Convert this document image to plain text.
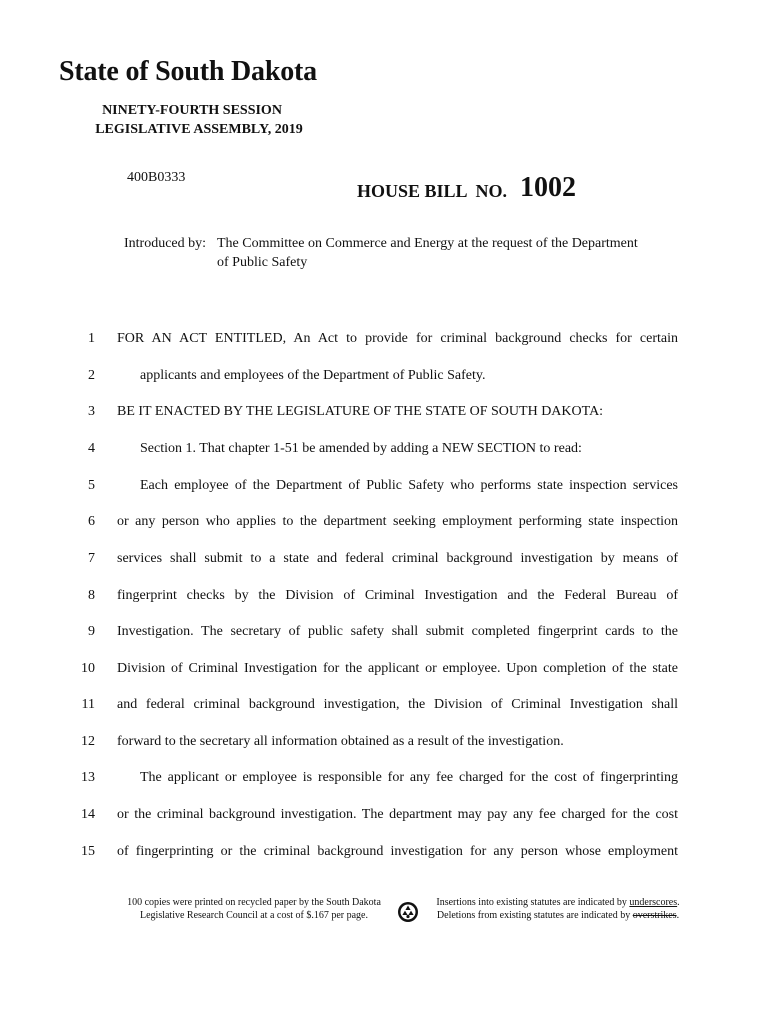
State of South Dakota
NINETY-FOURTH SESSION
LEGISLATIVE ASSEMBLY, 2019
400B0333
HOUSE BILL  NO. 1002
Introduced by: The Committee on Commerce and Energy at the request of the Department
of Public Safety
1 FOR AN ACT ENTITLED, An Act to provide for criminal background checks for certain
2	applicants and employees of the Department of Public Safety.
3 BE IT ENACTED BY THE LEGISLATURE OF THE STATE OF SOUTH DAKOTA:
4	Section 1. That chapter 1-51 be amended by adding a NEW SECTION to read:
5	Each employee of the Department of Public Safety who performs state inspection services
6 or any person who applies to the department seeking employment performing state inspection
7 services shall submit to a state and federal criminal background investigation by means of
8 fingerprint checks by the Division of Criminal Investigation and the Federal Bureau of
9 Investigation. The secretary of public safety shall submit completed fingerprint cards to the
10 Division of Criminal Investigation for the applicant or employee. Upon completion of the state
11 and federal criminal background investigation, the Division of Criminal Investigation shall
12 forward to the secretary all information obtained as a result of the investigation.
13	The applicant or employee is responsible for any fee charged for the cost of fingerprinting
14 or the criminal background investigation. The department may pay any fee charged for the cost
15 of fingerprinting or the criminal background investigation for any person whose employment
100 copies were printed on recycled paper by the South Dakota
Legislative Research Council at a cost of $.167 per page.
Insertions into existing statutes are indicated by underscores.
Deletions from existing statutes are indicated by overstrikes.
